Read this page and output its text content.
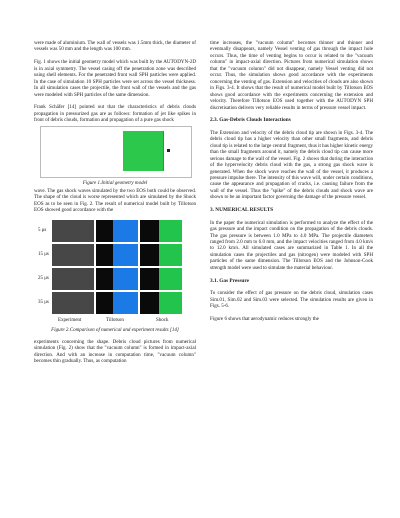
were made of aluminium. The wall of vessels was 1.5mm thick, the diameter of vessels was 50 mm and the length was 100 mm.

Fig. 1 shows the initial geometry model which was built by the AUTODYN-2D is in axial symmetry. The vessel casing off the penetration zone was described using shell elements. For the penetrated front wall SPH particles were applied. In the case of simulation 10 SPH particles were set across the vessel thickness. In all simulation cases the projectile, the front wall of the vessels and the gas were modeled with SPH particles of the same dimension.

Frank Schäfer [14] pointed out that the characteristics of debris clouds propagation in pressurized gas are as follows: formation of jet like spikes in front of debris clouds, formation and propagation of a pure gas shock

Figure 1.Initial geometry model

wave. The gas shock waves simulated by the two EOS both could be observed. The shape of the cloud is worse represented which are simulated by the Shock EOS as to be seen in Fig. 2. The result of numerical model built by Tillotson EOS showed good accordance with the

5 μs
15 μs
25 μs
35 μs
Experiment	Tillotson	Shock
Figure 2.Comparison of numerical and experiment results [14]

experiments concerning the shape. Debris cloud pictures from numerical simulation (Fig. 2) show that the "vacuum column" is formed in impact-axial direction. And with an increase in computation time, "vacuum column" becomes thin gradually. Thus, as computation

time increases, the "vacuum column" becomes thinner and thinner and eventually disappears, namely Vessel venting of gas through the impact hole occurs. Thus, the time of venting begins to occur is related to the "vacuum column" in impact-axial direction. Pictures from numerical simulation shows that the "vacuum column" did not disappear, namely Vessel venting did not occur. Thus, the simulation shows good accordance with the experiments concerning the venting of gas. Extension and velocities of clouds are also shown in Figs. 3-4. It shows that the result of numerical model built by Tillotson EOS shows good accordance with the experiments concerning the extension and velocity. Therefore Tillotson EOS used together with the AUTODYN SPH discretisation delivers very reliable results in terms of pressure vessel impact.

2.3. Gas-Debris Clouds Interactions

The Extension and velocity of the debris cloud tip are shown in Figs. 3-4. The debris cloud tip has a higher velocity than other small fragments, and debris cloud tip is related to the large central fragment, thus it has higher kinetic energy than the small fragments around it, namely the debris cloud tip can cause more serious damage to the wall of the vessel. Fig. 2 shows that during the interaction of the hypervelocity debris cloud with the gas, a strong gas shock wave is generated. When the shock wave reaches the wall of the vessel, it produces a pressure impulse there. The intensity of this wave will, under certain conditions, cause the appearance and propagation of cracks, i.e. causing failure from the wall of the vessel. Thus the "spike" of the debris clouds and shock wave are shown to be an important factor governing the damage of the pressure vessel.

3. NUMERICAL RESULTS

In the paper the numerical simulation is performed to analyze the effect of the gas pressure and the impact condition on the propagation of the debris clouds. The gas pressure is between 1.0 MPa to 4.0 MPa. The projectile diameters ranged from 2.0 mm to 6.0 mm, and the impact velocities ranged from 4.0 km/s to 12.0 km/s. All simulated cases are summarized in Table 1. In all the simulation cases the projectiles and gas (nitrogen) were modeled with SPH particles of the same dimension. The Tillotson EOS and the Johnson-Cook strength model were used to simulate the material behaviour.

3.1. Gas Pressure

To consider the effect of gas pressure on the debris cloud, simulation cases Sim.01, Sim.02 and Sim.03 were selected. The simulation results are given in Figs. 5-6.

Figure 6 shows that aerodynamic reduces strongly the
